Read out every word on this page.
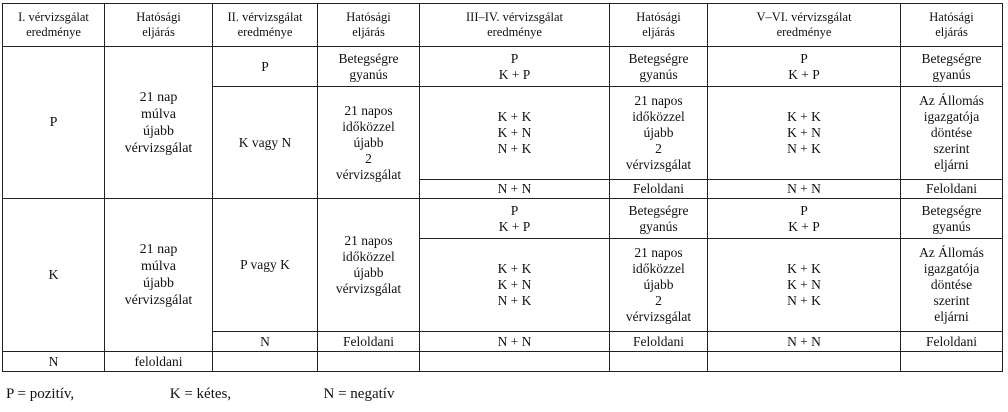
I. vérvizsgálat
eredménye	Hatósági
eljárás	II. vérvizsgálat
eredménye	Hatósági
eljárás	III–IV. vérvizsgálat
eredménye	Hatósági
eljárás	V–VI. vérvizsgálat
eredménye	Hatósági
eljárás
P	21 nap
múlva
újabb
vérvizsgálat	P	Betegségre
gyanús	P
K + P	Betegségre
gyanús	P
K + P	Betegségre
gyanús
		K vagy N	21 napos
időközzel
újabb
2
vérvizsgálat	K + K
K + N
N + K	21 napos
időközzel
újabb
2
vérvizsgálat	K + K
K + N
N + K	Az Állomás
igazgatója
döntése
szerint
eljárni
				N + N	Feloldani	N + N	Feloldani
K	21 nap
múlva
újabb
vérvizsgálat	P vagy K	21 napos
időközzel
újabb
vérvizsgálat	P
K + P	Betegségre
gyanús	P
K + P	Betegségre
gyanús
				K + K
K + N
N + K	21 napos
időközzel
újabb
2
vérvizsgálat	K + K
K + N
N + K	Az Állomás
igazgatója
döntése
szerint
eljárni
		N	Feloldani	N + N	Feloldani	N + N	Feloldani
N	feloldani						
P = pozitív,	K = kétes,	N = negatív
